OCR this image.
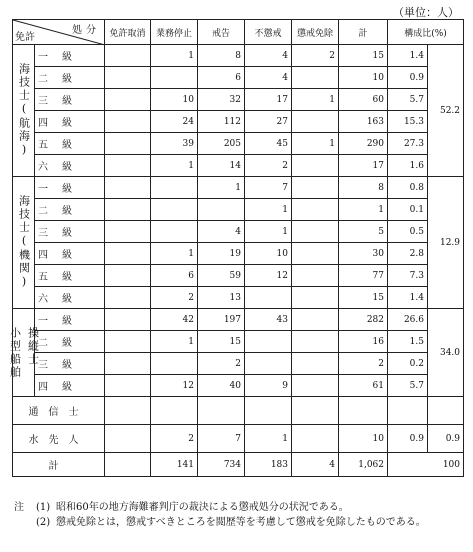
（単位：人）
処分
免許		免許取消	業務停止	戒告	不懲戒	懲戒免除	計	構成比(%)	
海技士(航海)	一級		1	8	4	2	15	1.4	52.2
	二級			6	4		10	0.9	
	三級		10	32	17	1	60	5.7	
	四級		24	112	27		163	15.3	
	五級		39	205	45	1	290	27.3	
	六級		1	14	2		17	1.6	
海技士(機関)	一級			1	7		8	0.8	12.9
	二級				1		1	0.1	
	三級			4	1		5	0.5	
	四級		1	19	10		30	2.8	
	五級		6	59	12		77	7.3	
	六級		2	13			15	1.4	

小型船舶 操縦士	一級		42	197	43		282	26.6	34.0
	二級		1	15			16	1.5	
	三級			2			2	0.2	
	四級		12	40	9		61	5.7	
通信士									
水先人			2	7	1		10	0.9	0.9
計			141	734	183	4	1,062	100	
注	(1) 昭和60年の地方海難審判庁の裁決による懲戒処分の状況である。
(2) 懲戒免除とは，懲戒すべきところを閲歴等を考慮して懲戒を免除したものである。
